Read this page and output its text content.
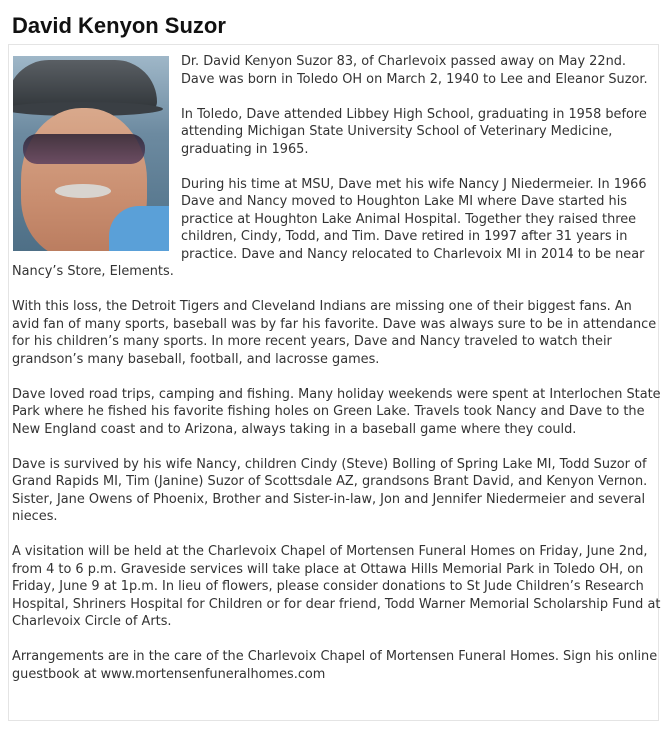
David Kenyon Suzor

Dr. David Kenyon Suzor 83, of Charlevoix passed away on May 22nd. Dave was born in Toledo OH on March 2, 1940 to Lee and Eleanor Suzor.

In Toledo, Dave attended Libbey High School, graduating in 1958 before attending Michigan State University School of Veterinary Medicine, graduating in 1965.

During his time at MSU, Dave met his wife Nancy J Niedermeier. In 1966 Dave and Nancy moved to Houghton Lake MI where Dave started his practice at Houghton Lake Animal Hospital. Together they raised three children, Cindy, Todd, and Tim. Dave retired in 1997 after 31 years in practice. Dave and Nancy relocated to Charlevoix MI in 2014 to be near Nancy’s Store, Elements.

With this loss, the Detroit Tigers and Cleveland Indians are missing one of their biggest fans. An avid fan of many sports, baseball was by far his favorite. Dave was always sure to be in attendance for his children’s many sports. In more recent years, Dave and Nancy traveled to watch their grandson’s many baseball, football, and lacrosse games.

Dave loved road trips, camping and fishing. Many holiday weekends were spent at Interlochen State Park where he fished his favorite fishing holes on Green Lake. Travels took Nancy and Dave to the New England coast and to Arizona, always taking in a baseball game where they could.

Dave is survived by his wife Nancy, children Cindy (Steve) Bolling of Spring Lake MI, Todd Suzor of Grand Rapids MI, Tim (Janine) Suzor of Scottsdale AZ, grandsons Brant David, and Kenyon Vernon. Sister, Jane Owens of Phoenix, Brother and Sister-in-law, Jon and Jennifer Niedermeier and several nieces.

A visitation will be held at the Charlevoix Chapel of Mortensen Funeral Homes on Friday, June 2nd, from 4 to 6 p.m. Graveside services will take place at Ottawa Hills Memorial Park in Toledo OH, on Friday, June 9 at 1p.m. In lieu of flowers, please consider donations to St Jude Children’s Research Hospital, Shriners Hospital for Children or for dear friend, Todd Warner Memorial Scholarship Fund at Charlevoix Circle of Arts.

Arrangements are in the care of the Charlevoix Chapel of Mortensen Funeral Homes. Sign his online guestbook at www.mortensenfuneralhomes.com
